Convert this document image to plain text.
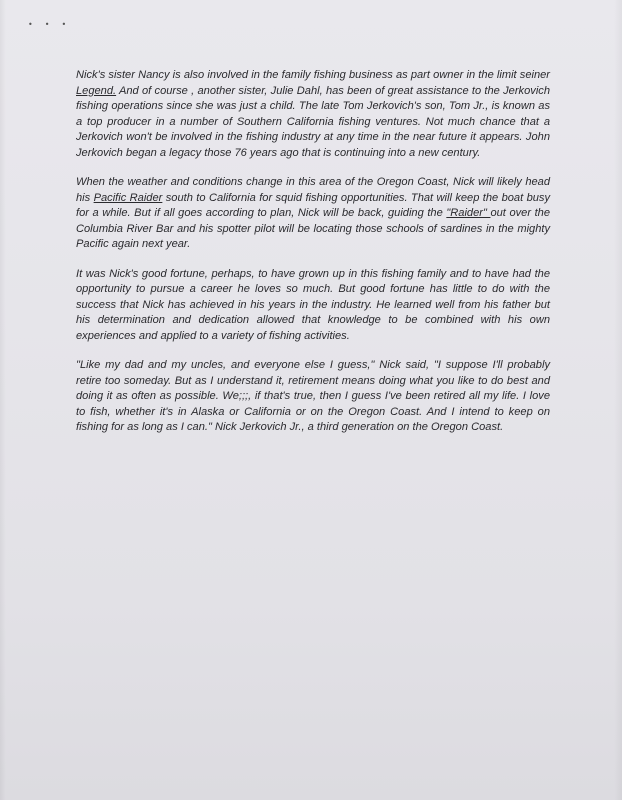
•••

Nick's sister Nancy is also involved in the family fishing business as part owner in the limit seiner Legend. And of course , another sister, Julie Dahl, has been of great assistance to the Jerkovich fishing operations since she was just a child. The late Tom Jerkovich's son, Tom Jr., is known as a top producer in a number of Southern California fishing ventures. Not much chance that a Jerkovich won't be involved in the fishing industry at any time in the near future it appears. John Jerkovich began a legacy those 76 years ago that is continuing into a new century.

When the weather and conditions change in this area of the Oregon Coast, Nick will likely head his Pacific Raider south to California for squid fishing opportunities. That will keep the boat busy for a while. But if all goes according to plan, Nick will be back, guiding the "Raider" out over the Columbia River Bar and his spotter pilot will be locating those schools of sardines in the mighty Pacific again next year.

It was Nick's good fortune, perhaps, to have grown up in this fishing family and to have had the opportunity to pursue a career he loves so much. But good fortune has little to do with the success that Nick has achieved in his years in the industry. He learned well from his father but his determination and dedication allowed that knowledge to be combined with his own experiences and applied to a variety of fishing activities.

"Like my dad and my uncles, and everyone else I guess," Nick said, "I suppose I'll probably retire too someday. But as I understand it, retirement means doing what you like to do best and doing it as often as possible. We;;;, if that's true, then I guess I've been retired all my life. I love to fish, whether it's in Alaska or California or on the Oregon Coast. And I intend to keep on fishing for as long as I can." Nick Jerkovich Jr., a third generation on the Oregon Coast.
